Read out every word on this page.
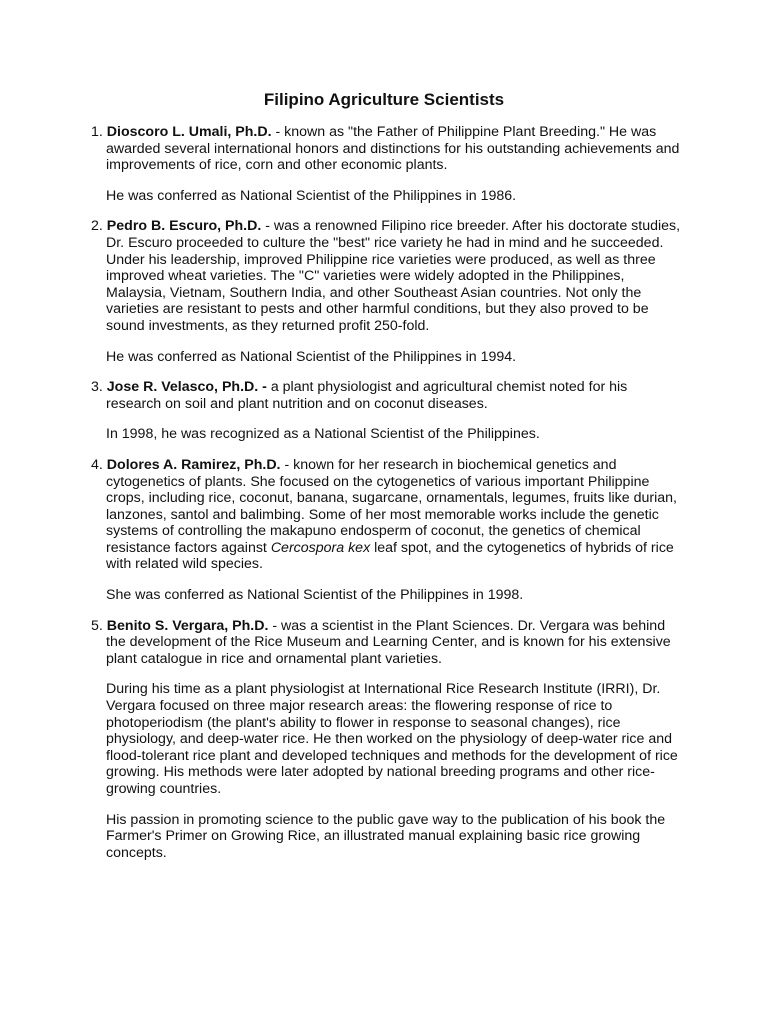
Filipino Agriculture Scientists

1. Dioscoro L. Umali, Ph.D. - known as "the Father of Philippine Plant Breeding." He was awarded several international honors and distinctions for his outstanding achievements and improvements of rice, corn and other economic plants.

He was conferred as National Scientist of the Philippines in 1986.

2. Pedro B. Escuro, Ph.D. - was a renowned Filipino rice breeder. After his doctorate studies, Dr. Escuro proceeded to culture the "best" rice variety he had in mind and he succeeded. Under his leadership, improved Philippine rice varieties were produced, as well as three improved wheat varieties. The "C" varieties were widely adopted in the Philippines, Malaysia, Vietnam, Southern India, and other Southeast Asian countries. Not only the varieties are resistant to pests and other harmful conditions, but they also proved to be sound investments, as they returned profit 250-fold.

He was conferred as National Scientist of the Philippines in 1994.

3. Jose R. Velasco, Ph.D. - a plant physiologist and agricultural chemist noted for his research on soil and plant nutrition and on coconut diseases.

In 1998, he was recognized as a National Scientist of the Philippines.

4. Dolores A. Ramirez, Ph.D. - known for her research in biochemical genetics and cytogenetics of plants. She focused on the cytogenetics of various important Philippine crops, including rice, coconut, banana, sugarcane, ornamentals, legumes, fruits like durian, lanzones, santol and balimbing. Some of her most memorable works include the genetic systems of controlling the makapuno endosperm of coconut, the genetics of chemical resistance factors against Cercospora kex leaf spot, and the cytogenetics of hybrids of rice with related wild species.

She was conferred as National Scientist of the Philippines in 1998.

5. Benito S. Vergara, Ph.D. - was a scientist in the Plant Sciences. Dr. Vergara was behind the development of the Rice Museum and Learning Center, and is known for his extensive plant catalogue in rice and ornamental plant varieties.

During his time as a plant physiologist at International Rice Research Institute (IRRI), Dr. Vergara focused on three major research areas: the flowering response of rice to photoperiodism (the plant's ability to flower in response to seasonal changes), rice physiology, and deep-water rice. He then worked on the physiology of deep-water rice and flood-tolerant rice plant and developed techniques and methods for the development of rice growing. His methods were later adopted by national breeding programs and other rice-growing countries.

His passion in promoting science to the public gave way to the publication of his book the Farmer's Primer on Growing Rice, an illustrated manual explaining basic rice growing concepts.
